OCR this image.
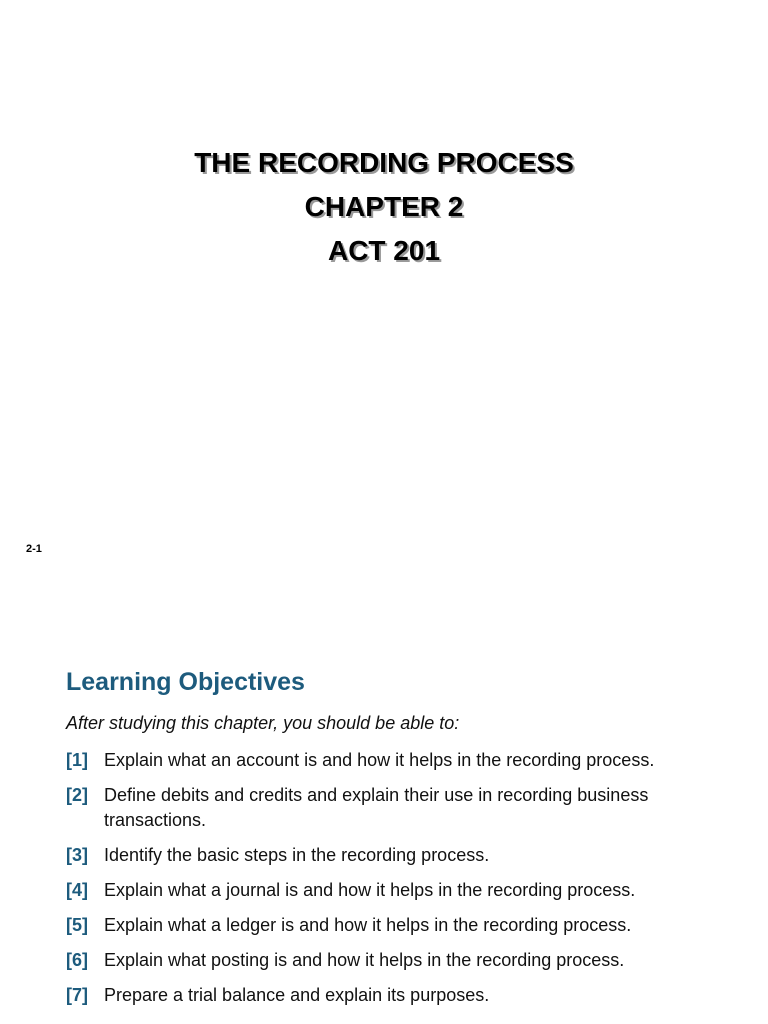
THE RECORDING PROCESS
CHAPTER 2
ACT 201
2-1
Learning Objectives
After studying this chapter, you should be able to:
[1] Explain what an account is and how it helps in the recording process.
[2] Define debits and credits and explain their use in recording business transactions.
[3] Identify the basic steps in the recording process.
[4] Explain what a journal is and how it helps in the recording process.
[5] Explain what a ledger is and how it helps in the recording process.
[6] Explain what posting is and how it helps in the recording process.
[7] Prepare a trial balance and explain its purposes.
